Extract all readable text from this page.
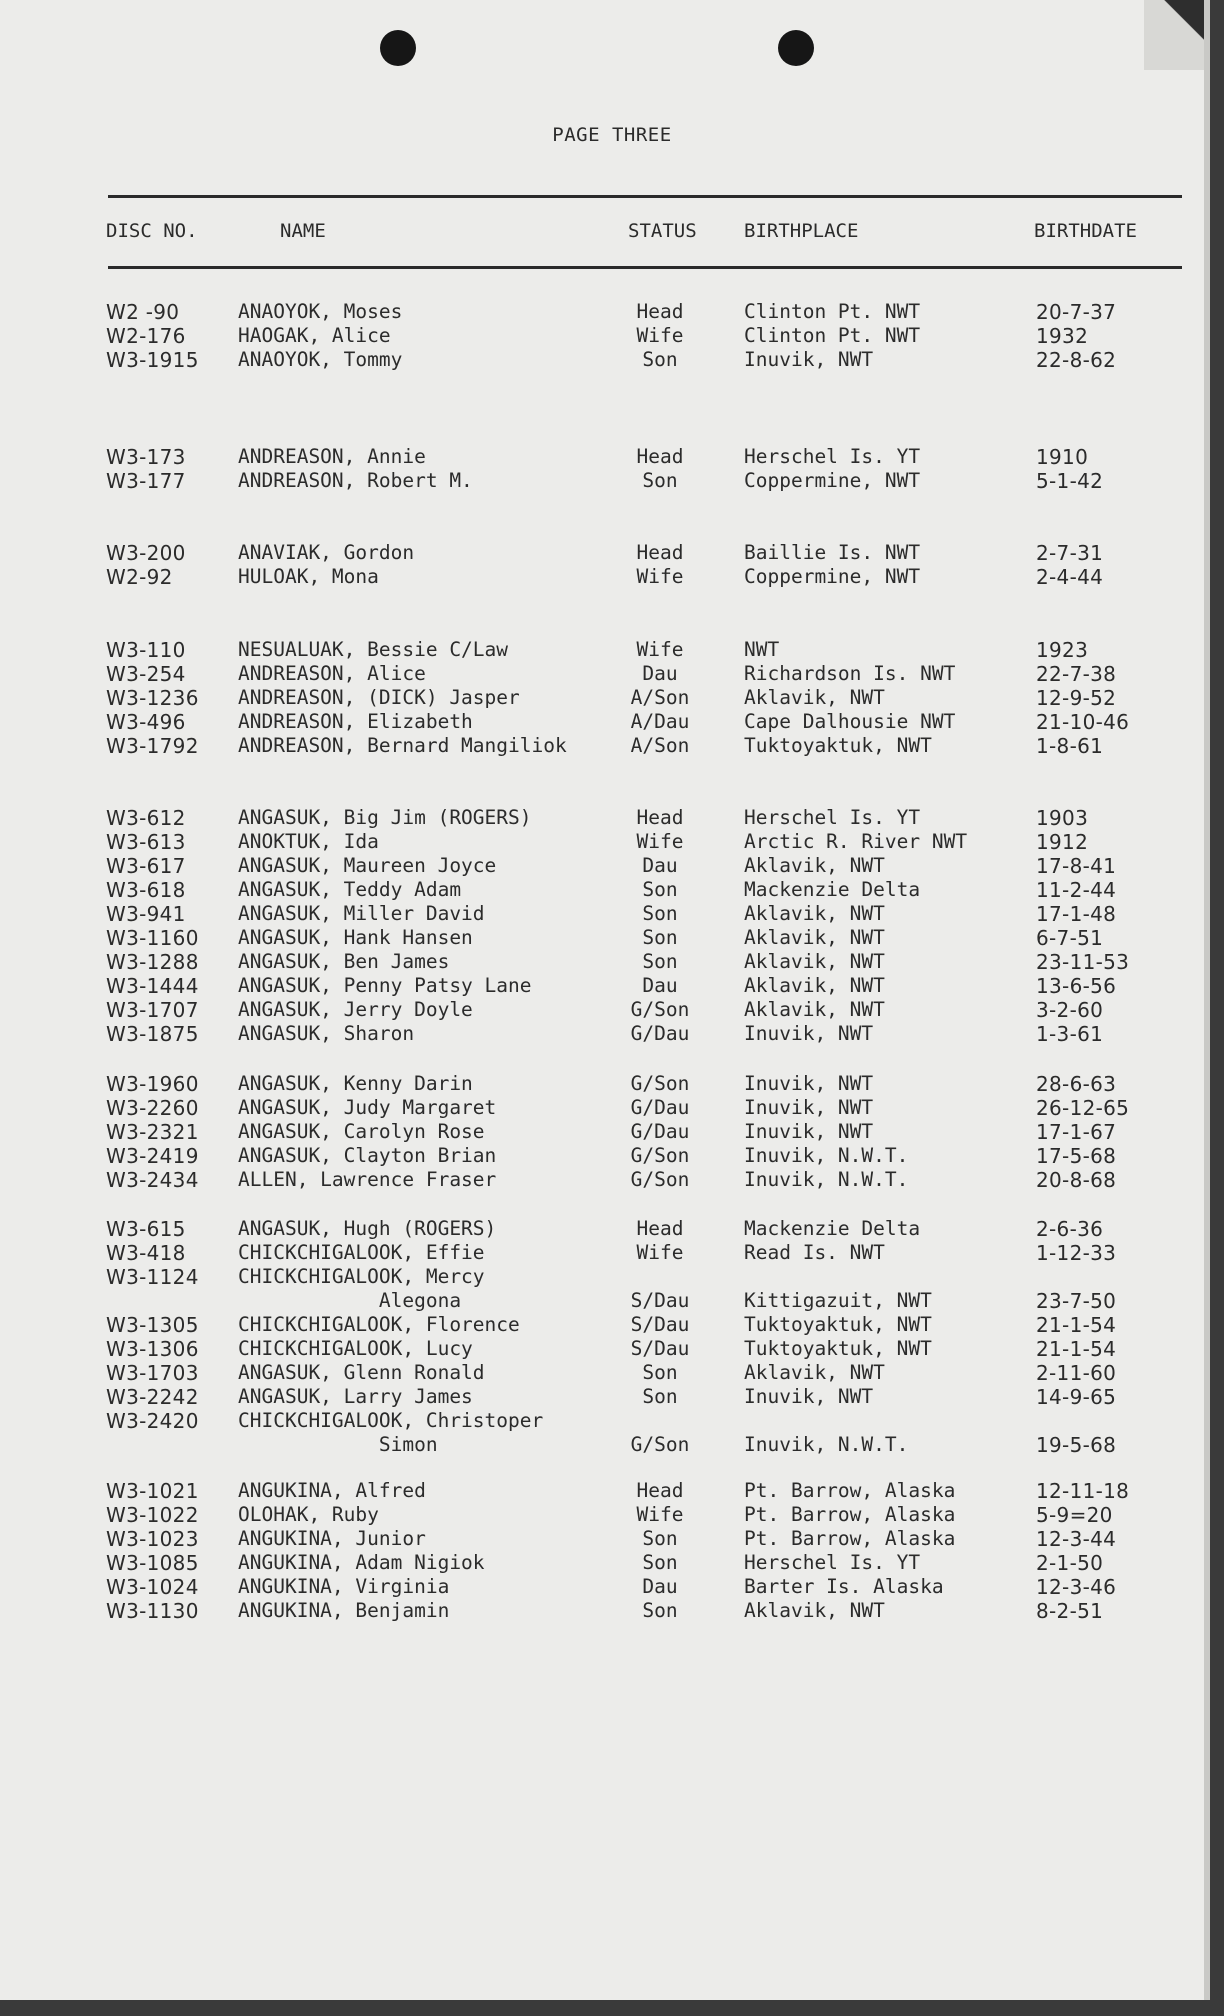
PAGE THREE
DISC NO.	NAME	STATUS BIRTHPLACE	BIRTHDATE
W2 -90	ANAOYOK, Moses	Head	Clinton Pt. NWT	20-7-37
W2-176	HAOGAK, Alice	Wife	Clinton Pt. NWT	1932
W3-1915 ANAOYOK, Tommy	Son	Inuvik, NWT	22-8-62
W3-173	ANDREASON, Annie	Head	Herschel Is. YT	1910
W3-177	ANDREASON, Robert M.	Son	Coppermine, NWT	5-1-42
W3-200	ANAVIAK, Gordon	Head	Baillie Is. NWT	2-7-31
W2-92	HULOAK, Mona	Wife	Coppermine, NWT	2-4-44
W3-110	NESUALUAK, Bessie C/Law	Wife	NWT	1923
W3-254	ANDREASON, Alice	Dau	Richardson Is. NWT	22-7-38
W3-1236 ANDREASON, (DICK) Jasper	A/Son	Aklavik, NWT	12-9-52
W3-496	ANDREASON, Elizabeth	A/Dau	Cape Dalhousie NWT	21-10-46
W3-1792 ANDREASON, Bernard Mangiliok	A/Son	Tuktoyaktuk, NWT	1-8-61
W3-612	ANGASUK, Big Jim (ROGERS)	Head	Herschel Is. YT	1903
W3-613	ANOKTUK, Ida	Wife	Arctic R. River NWT	1912
W3-617	ANGASUK, Maureen Joyce	Dau	Aklavik, NWT	17-8-41
W3-618	ANGASUK, Teddy Adam	Son	Mackenzie Delta	11-2-44
W3-941	ANGASUK, Miller David	Son	Aklavik, NWT	17-1-48
W3-1160 ANGASUK, Hank Hansen	Son	Aklavik, NWT	6-7-51
W3-1288 ANGASUK, Ben James	Son	Aklavik, NWT	23-11-53
W3-1444 ANGASUK, Penny Patsy Lane	Dau	Aklavik, NWT	13-6-56
W3-1707 ANGASUK, Jerry Doyle	G/Son	Aklavik, NWT	3-2-60
W3-1875 ANGASUK, Sharon	G/Dau	Inuvik, NWT	1-3-61
W3-1960 ANGASUK, Kenny Darin	G/Son	Inuvik, NWT	28-6-63
W3-2260 ANGASUK, Judy Margaret	G/Dau	Inuvik, NWT	26-12-65
W3-2321 ANGASUK, Carolyn Rose	G/Dau	Inuvik, NWT	17-1-67
W3-2419 ANGASUK, Clayton Brian	G/Son	Inuvik, N.W.T.	17-5-68
W3-2434 ALLEN, Lawrence Fraser	G/Son	Inuvik, N.W.T.	20-8-68
W3-615	ANGASUK, Hugh (ROGERS)	Head	Mackenzie Delta	2-6-36
W3-418	CHICKCHIGALOOK, Effie	Wife	Read Is. NWT	1-12-33
W3-1124 CHICKCHIGALOOK, Mercy
Alegona	S/Dau	Kittigazuit, NWT	23-7-50
W3-1305 CHICKCHIGALOOK, Florence	S/Dau	Tuktoyaktuk, NWT	21-1-54
W3-1306 CHICKCHIGALOOK, Lucy	S/Dau	Tuktoyaktuk, NWT	21-1-54
W3-1703 ANGASUK, Glenn Ronald	Son	Aklavik, NWT	2-11-60
W3-2242 ANGASUK, Larry James	Son	Inuvik, NWT	14-9-65
W3-2420 CHICKCHIGALOOK, Christoper
Simon	G/Son	Inuvik, N.W.T.	19-5-68
W3-1021 ANGUKINA, Alfred	Head	Pt. Barrow, Alaska	12-11-18
W3-1022 OLOHAK, Ruby	Wife	Pt. Barrow, Alaska	5-9=20
W3-1023 ANGUKINA, Junior	Son	Pt. Barrow, Alaska	12-3-44
W3-1085 ANGUKINA, Adam Nigiok	Son	Herschel Is. YT	2-1-50
W3-1024 ANGUKINA, Virginia	Dau	Barter Is. Alaska	12-3-46
W3-1130 ANGUKINA, Benjamin	Son	Aklavik, NWT	8-2-51
